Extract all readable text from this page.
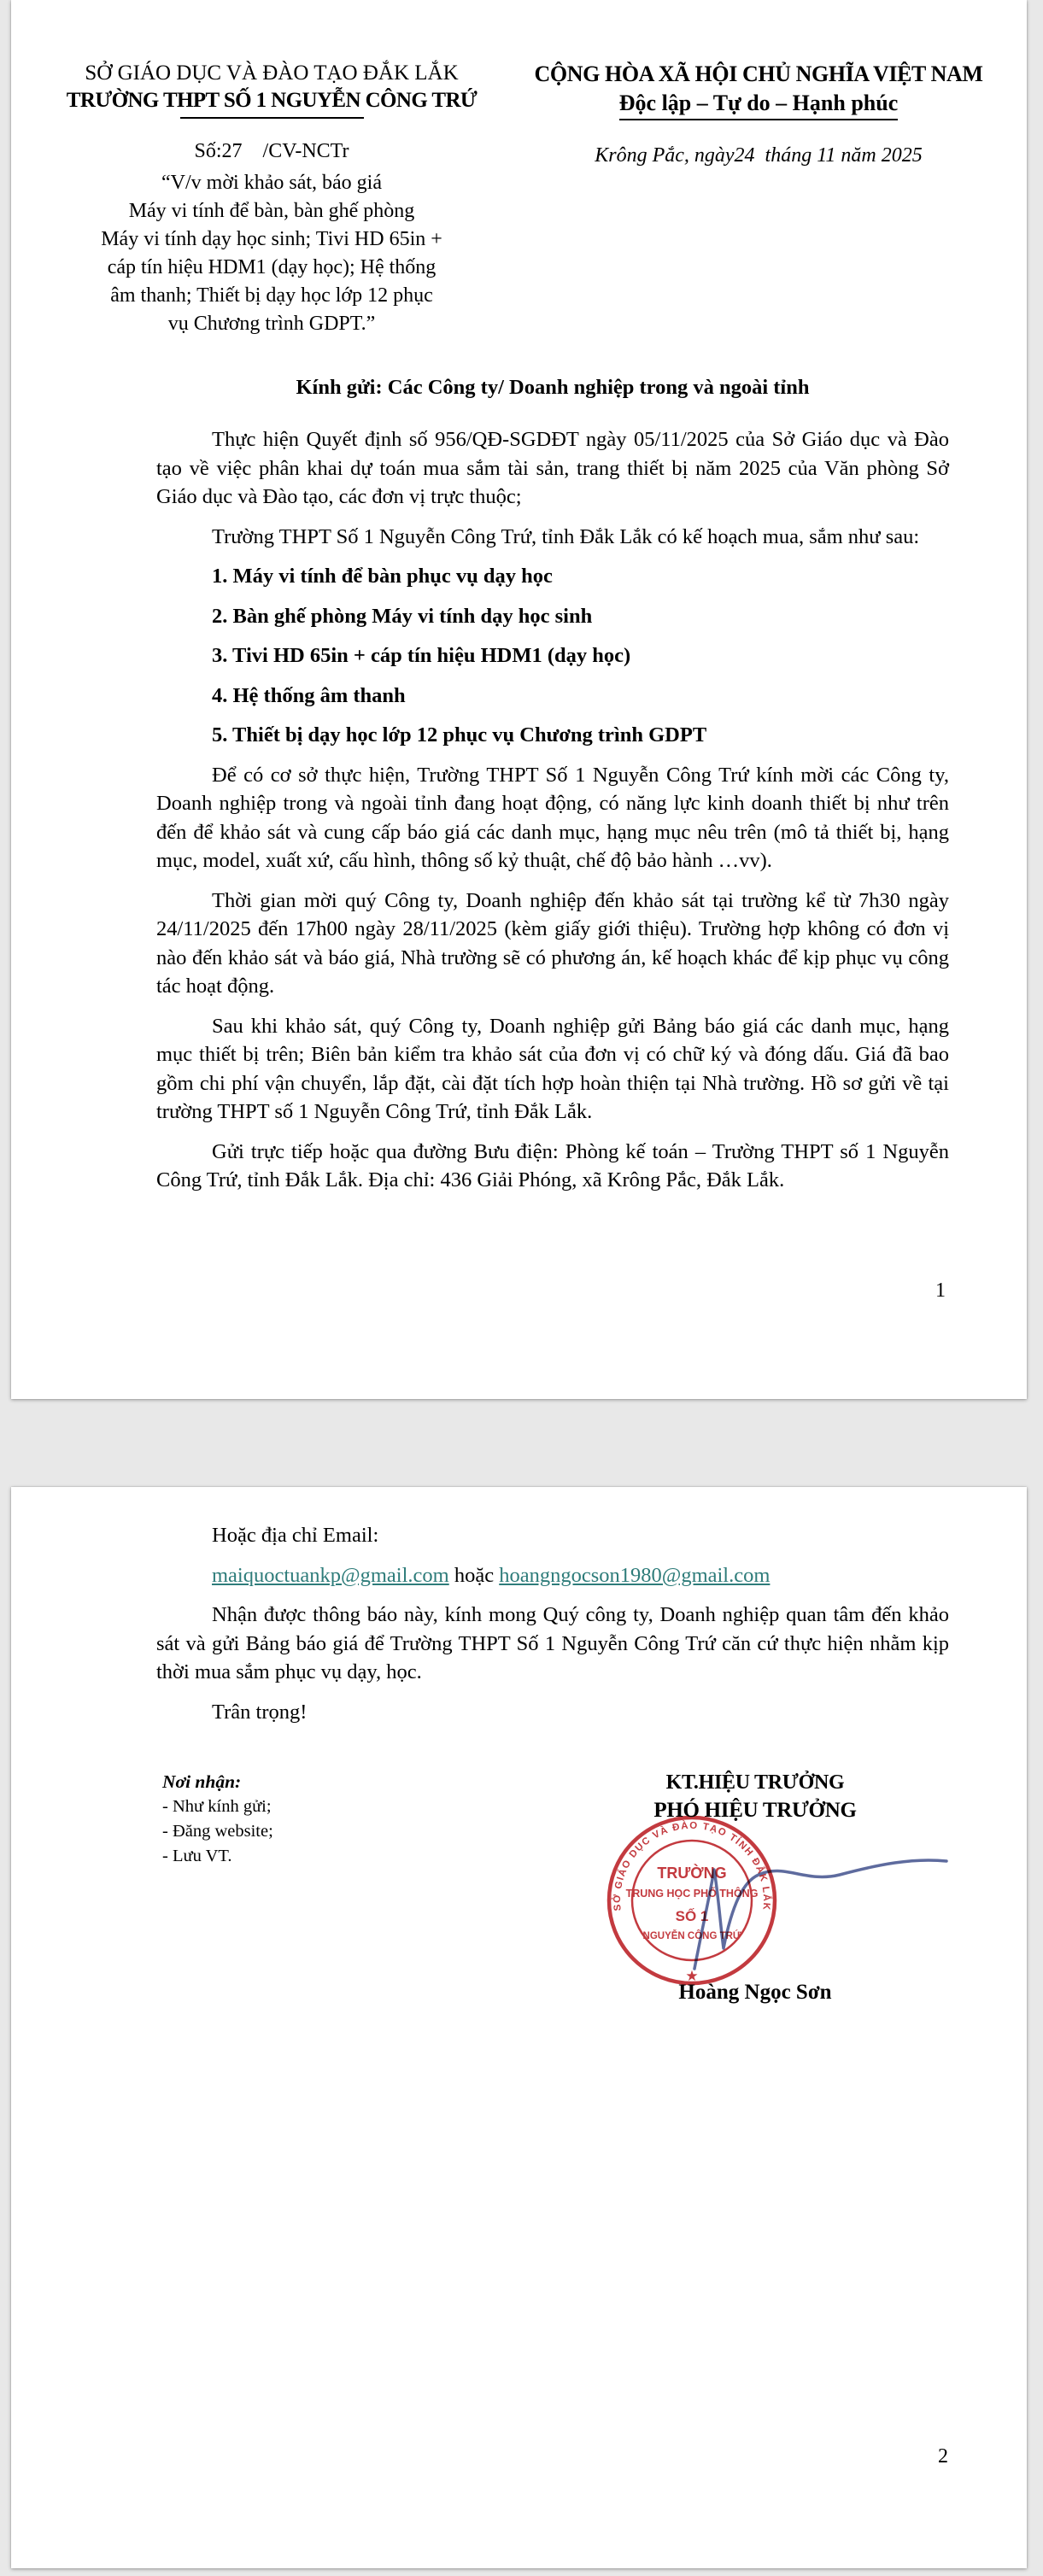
SỞ GIÁO DỤC VÀ ĐÀO TẠO ĐẮK LẮK
TRƯỜNG THPT SỐ 1 NGUYỄN CÔNG TRỨ
Số:27    /CV-NCTr
“V/v mời khảo sát, báo giá
Máy vi tính để bàn, bàn ghế phòng
Máy vi tính dạy học sinh; Tivi HD 65in +
cáp tín hiệu HDM1 (dạy học); Hệ thống
âm thanh; Thiết bị dạy học lớp 12 phục
vụ Chương trình GDPT.”
CỘNG HÒA XÃ HỘI CHỦ NGHĨA VIỆT NAM
Độc lập – Tự do – Hạnh phúc
Krông Pắc, ngày24  tháng 11 năm 2025
Kính gửi: Các Công ty/ Doanh nghiệp trong và ngoài tỉnh

Thực hiện Quyết định số 956/QĐ-SGDĐT ngày 05/11/2025 của Sở Giáo dục và Đào tạo về việc phân khai dự toán mua sắm tài sản, trang thiết bị năm 2025 của Văn phòng Sở Giáo dục và Đào tạo, các đơn vị trực thuộc;

Trường THPT Số 1 Nguyễn Công Trứ, tỉnh Đắk Lắk có kế hoạch mua, sắm như sau:

1. Máy vi tính để bàn phục vụ dạy học
2. Bàn ghế phòng Máy vi tính dạy học sinh
3. Tivi HD 65in + cáp tín hiệu HDM1 (dạy học)
4. Hệ thống âm thanh
5. Thiết bị dạy học lớp 12 phục vụ Chương trình GDPT

Để có cơ sở thực hiện, Trường THPT Số 1 Nguyễn Công Trứ kính mời các Công ty, Doanh nghiệp trong và ngoài tỉnh đang hoạt động, có năng lực kinh doanh thiết bị như trên đến để khảo sát và cung cấp báo giá các danh mục, hạng mục nêu trên (mô tả thiết bị, hạng mục, model, xuất xứ, cấu hình, thông số kỷ thuật, chế độ bảo hành …vv).

Thời gian mời quý Công ty, Doanh nghiệp đến khảo sát tại trường kể từ 7h30 ngày 24/11/2025 đến 17h00 ngày 28/11/2025 (kèm giấy giới thiệu). Trường hợp không có đơn vị nào đến khảo sát và báo giá, Nhà trường sẽ có phương án, kế hoạch khác để kịp phục vụ công tác hoạt động.

Sau khi khảo sát, quý Công ty, Doanh nghiệp gửi Bảng báo giá các danh mục, hạng mục thiết bị trên; Biên bản kiểm tra khảo sát của đơn vị có chữ ký và đóng dấu. Giá đã bao gồm chi phí vận chuyển, lắp đặt, cài đặt tích hợp hoàn thiện tại Nhà trường. Hồ sơ gửi về tại trường THPT số 1 Nguyễn Công Trứ, tỉnh Đắk Lắk.

Gửi trực tiếp hoặc qua đường Bưu điện: Phòng kế toán – Trường THPT số 1 Nguyễn Công Trứ, tỉnh Đắk Lắk. Địa chỉ: 436 Giải Phóng, xã Krông Pắc, Đắk Lắk.

1

Hoặc địa chỉ Email:

maiquoctuankp@gmail.com hoặc hoangngocson1980@gmail.com

Nhận được thông báo này, kính mong Quý công ty, Doanh nghiệp quan tâm đến khảo sát và gửi Bảng báo giá để Trường THPT Số 1 Nguyễn Công Trứ căn cứ thực hiện nhằm kịp thời mua sắm phục vụ dạy, học.

Trân trọng!

Nơi nhận:
- Như kính gửi;
- Đăng website;
- Lưu VT.
KT.HIỆU TRƯỞNG
PHÓ HIỆU TRƯỞNG
SỞ GIÁO DỤC VÀ ĐÀO TẠO TỈNH ĐẮK LẮK
★
TRƯỜNG
TRUNG HỌC PHỔ THÔNG
SỐ 1
NGUYỄN CÔNG TRỨ
Hoàng Ngọc Sơn
2
